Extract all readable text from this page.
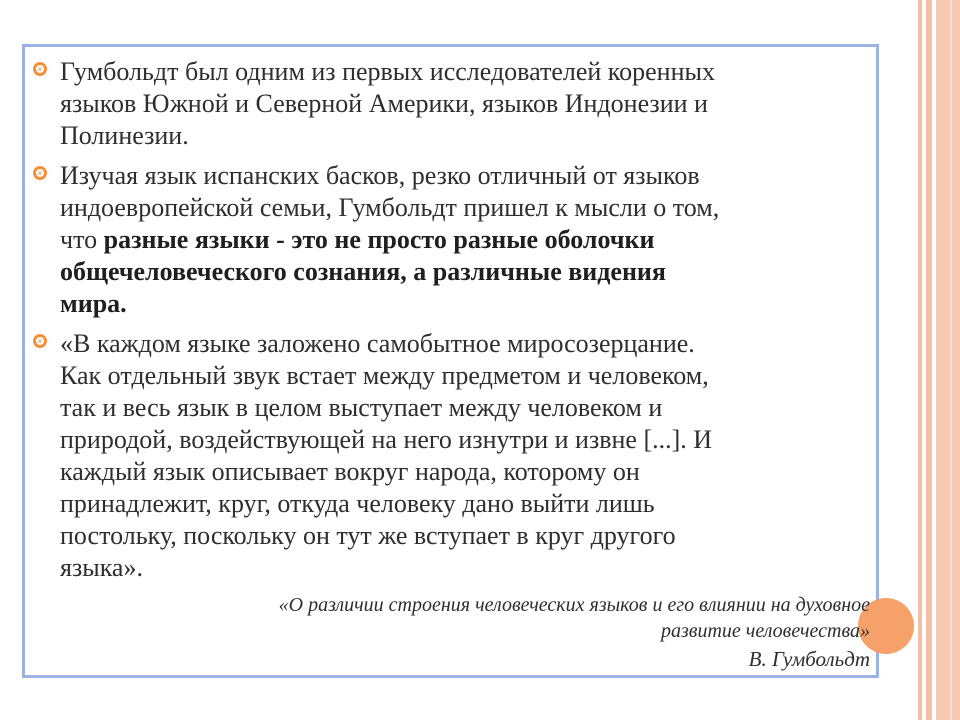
Гумбольдт был одним из первых исследователей коренных
языков Южной и Северной Америки, языков Индонезии и
Полинезии.
Изучая язык испанских басков, резко отличный от языков
индоевропейской семьи, Гумбольдт пришел к мысли о том,
что разные языки - это не просто разные оболочки
общечеловеческого сознания, а различные видения
мира.
«В каждом языке заложено самобытное миросозерцание.
Как отдельный звук встает между предметом и человеком,
так и весь язык в целом выступает между человеком и
природой, воздействующей на него изнутри и извне [...]. И
каждый язык описывает вокруг народа, которому он
принадлежит, круг, откуда человеку дано выйти лишь
постольку, поскольку он тут же вступает в круг другого
языка».
«О различии строения человеческих языков и его влиянии на духовное
развитие человечества»
В. Гумбольдт
